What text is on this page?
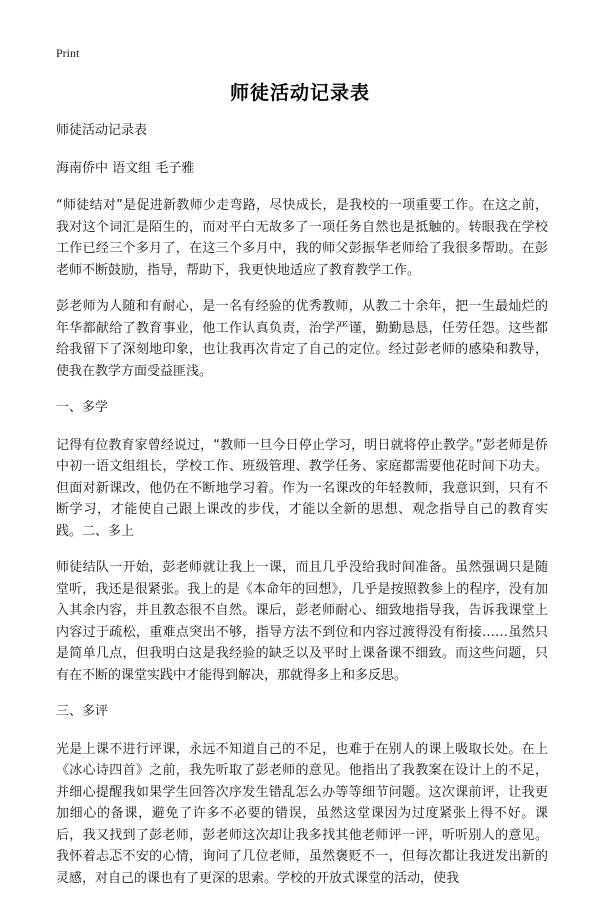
Print
师徒活动记录表

师徒活动记录表

海南侨中 语文组 毛子雅

“师徒结对”是促进新教师少走弯路，尽快成长，是我校的一项重要工作。在这之前，我对这个词汇是陌生的，而对平白无故多了一项任务自然也是抵触的。转眼我在学校工作已经三个多月了，在这三个多月中，我的师父彭振华老师给了我很多帮助。在彭老师不断鼓励，指导，帮助下，我更快地适应了教育教学工作。

彭老师为人随和有耐心，是一名有经验的优秀教师，从教二十余年，把一生最灿烂的年华都献给了教育事业，他工作认真负责，治学严谨，勤勤恳恳，任劳任怨。这些都给我留下了深刻地印象，也让我再次肯定了自己的定位。经过彭老师的感染和教导，使我在教学方面受益匪浅。

一、多学

记得有位教育家曾经说过，“教师一旦今日停止学习，明日就将停止教学。”彭老师是侨中初一语文组组长，学校工作、班级管理、教学任务、家庭都需要他花时间下功夫。但面对新课改，他仍在不断地学习着。作为一名课改的年轻教师，我意识到，只有不断学习，才能使自己跟上课改的步伐，才能以全新的思想、观念指导自己的教育实践。二、多上

师徒结队一开始，彭老师就让我上一课，而且几乎没给我时间准备。虽然强调只是随堂听，我还是很紧张。我上的是《本命年的回想》，几乎是按照教参上的程序，没有加入其余内容，并且教态很不自然。课后，彭老师耐心、细致地指导我，告诉我课堂上内容过于疏松，重难点突出不够，指导方法不到位和内容过渡得没有衔接……虽然只是简单几点，但我明白这是我经验的缺乏以及平时上课备课不细致。而这些问题，只有在不断的课堂实践中才能得到解决，那就得多上和多反思。

三、多评

光是上课不进行评课，永远不知道自己的不足，也难于在别人的课上吸取长处。在上《冰心诗四首》之前，我先听取了彭老师的意见。他指出了我教案在设计上的不足，并细心提醒我如果学生回答次序发生错乱怎么办等等细节问题。这次课前评，让我更加细心的备课，避免了许多不必要的错误，虽然这堂课因为过度紧张上得不好。课后，我又找到了彭老师，彭老师这次却让我多找其他老师评一评，听听别人的意见。我怀着忐忑不安的心情，询问了几位老师，虽然褒贬不一，但每次都让我迸发出新的灵感，对自己的课也有了更深的思索。学校的开放式课堂的活动，使我
